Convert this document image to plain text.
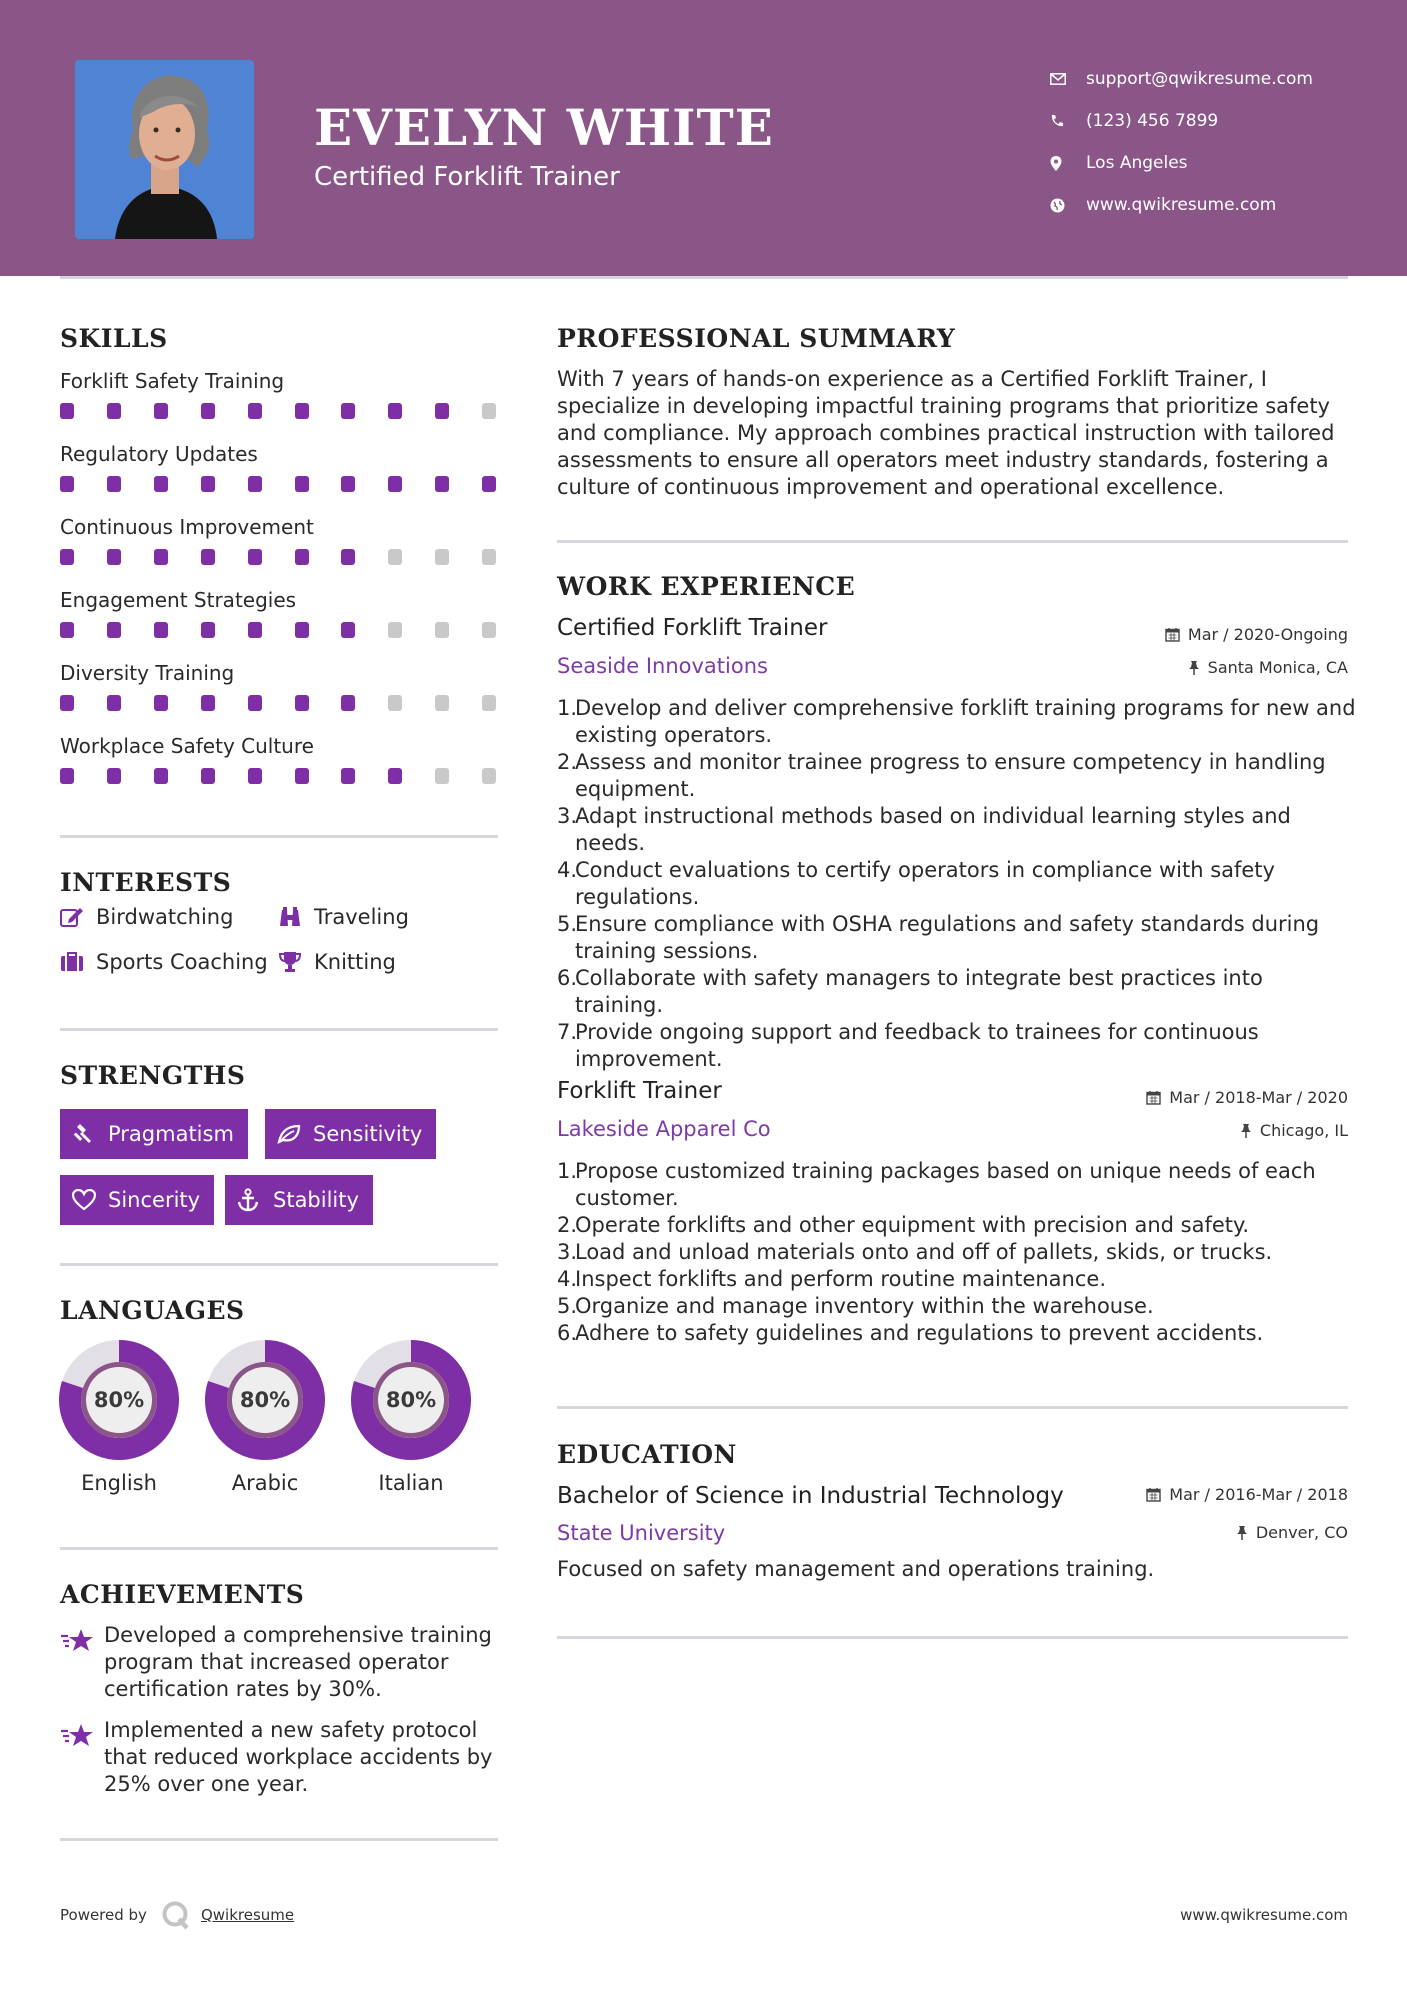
EVELYN WHITE
Certified Forklift Trainer
support@qwikresume.com
(123) 456 7899
Los Angeles
www.qwikresume.com
SKILLS
Forklift Safety Training
Regulatory Updates
Continuous Improvement
Engagement Strategies
Diversity Training
Workplace Safety Culture
INTERESTS
Birdwatching	Traveling
Sports Coaching Knitting
STRENGTHS
Pragmatism	Sensitivity
Sincerity	Stability
LANGUAGES
80%
English
80%
Arabic
80%
Italian
ACHIEVEMENTS
Developed a comprehensive training program that increased operator certification rates by 30%.
Implemented a new safety protocol that reduced workplace accidents by 25% over one year.
PROFESSIONAL SUMMARY
With 7 years of hands-on experience as a Certified Forklift Trainer, I specialize in developing impactful training programs that prioritize safety and compliance. My approach combines practical instruction with tailored assessments to ensure all operators meet industry standards, fostering a culture of continuous improvement and operational excellence.
WORK EXPERIENCE
Certified Forklift Trainer	Mar / 2020-Ongoing
Seaside Innovations	Santa Monica, CA
1.
Develop and deliver comprehensive forklift training programs for new and existing operators.
2.
Assess and monitor trainee progress to ensure competency in handling equipment.
3.
Adapt instructional methods based on individual learning styles and needs.
4.
Conduct evaluations to certify operators in compliance with safety regulations.
5.
Ensure compliance with OSHA regulations and safety standards during training sessions.
6.
Collaborate with safety managers to integrate best practices into training.
7.
Provide ongoing support and feedback to trainees for continuous improvement.
Forklift Trainer	Mar / 2018-Mar / 2020
Lakeside Apparel Co	Chicago, IL
1.
Propose customized training packages based on unique needs of each customer.
2.
Operate forklifts and other equipment with precision and safety.
3.
Load and unload materials onto and off of pallets, skids, or trucks.
4.
Inspect forklifts and perform routine maintenance.
5.
Organize and manage inventory within the warehouse.
6.
Adhere to safety guidelines and regulations to prevent accidents.
EDUCATION
Bachelor of Science in Industrial Technology	Mar / 2016-Mar / 2018
State University	Denver, CO
Focused on safety management and operations training.
Powered by	Qwikresume	www.qwikresume.com
